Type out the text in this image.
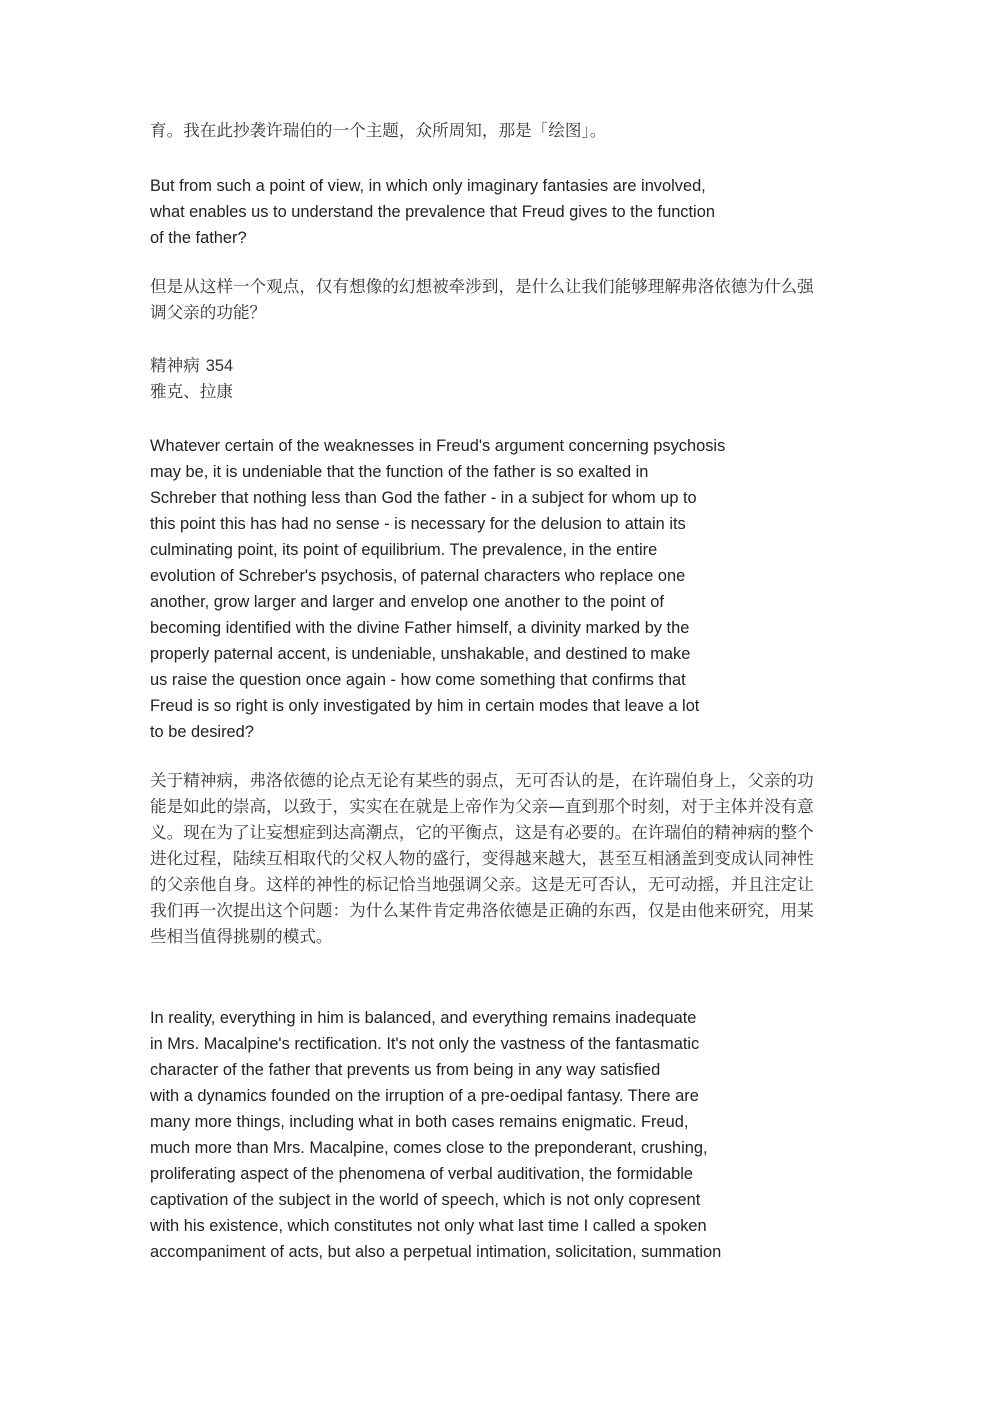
育。我在此抄袭许瑞伯的一个主题，众所周知，那是「绘图」。
But from such a point of view, in which only imaginary fantasies are involved,
what enables us to understand the prevalence that Freud gives to the function
of the father?
但是从这样一个观点，仅有想像的幻想被牵涉到，是什么让我们能够理解弗洛依德为什么强
调父亲的功能？
精神病 354
雅克、拉康
Whatever certain of the weaknesses in Freud's argument concerning psychosis
may be, it is undeniable that the function of the father is so exalted in
Schreber that nothing less than God the father - in a subject for whom up to
this point this has had no sense - is necessary for the delusion to attain its
culminating point, its point of equilibrium. The prevalence, in the entire
evolution of Schreber's psychosis, of paternal characters who replace one
another, grow larger and larger and envelop one another to the point of
becoming identified with the divine Father himself, a divinity marked by the
properly paternal accent, is undeniable, unshakable, and destined to make
us raise the question once again - how come something that confirms that
Freud is so right is only investigated by him in certain modes that leave a lot
to be desired?
关于精神病，弗洛依德的论点无论有某些的弱点，无可否认的是，在许瑞伯身上，父亲的功
能是如此的崇高，以致于，实实在在就是上帝作为父亲—直到那个时刻，对于主体并没有意
义。现在为了让妄想症到达高潮点，它的平衡点，这是有必要的。在许瑞伯的精神病的整个
进化过程，陆续互相取代的父权人物的盛行，变得越来越大，甚至互相涵盖到变成认同神性
的父亲他自身。这样的神性的标记恰当地强调父亲。这是无可否认，无可动摇，并且注定让
我们再一次提出这个问题：为什么某件肯定弗洛依德是正确的东西，仅是由他来研究，用某
些相当值得挑剔的模式。
In reality, everything in him is balanced, and everything remains inadequate
in Mrs. Macalpine's rectification. It's not only the vastness of the fantasmatic
character of the father that prevents us from being in any way satisfied
with a dynamics founded on the irruption of a pre-oedipal fantasy. There are
many more things, including what in both cases remains enigmatic. Freud,
much more than Mrs. Macalpine, comes close to the preponderant, crushing,
proliferating aspect of the phenomena of verbal auditivation, the formidable
captivation of the subject in the world of speech, which is not only copresent
with his existence, which constitutes not only what last time I called a spoken
accompaniment of acts, but also a perpetual intimation, solicitation, summation
